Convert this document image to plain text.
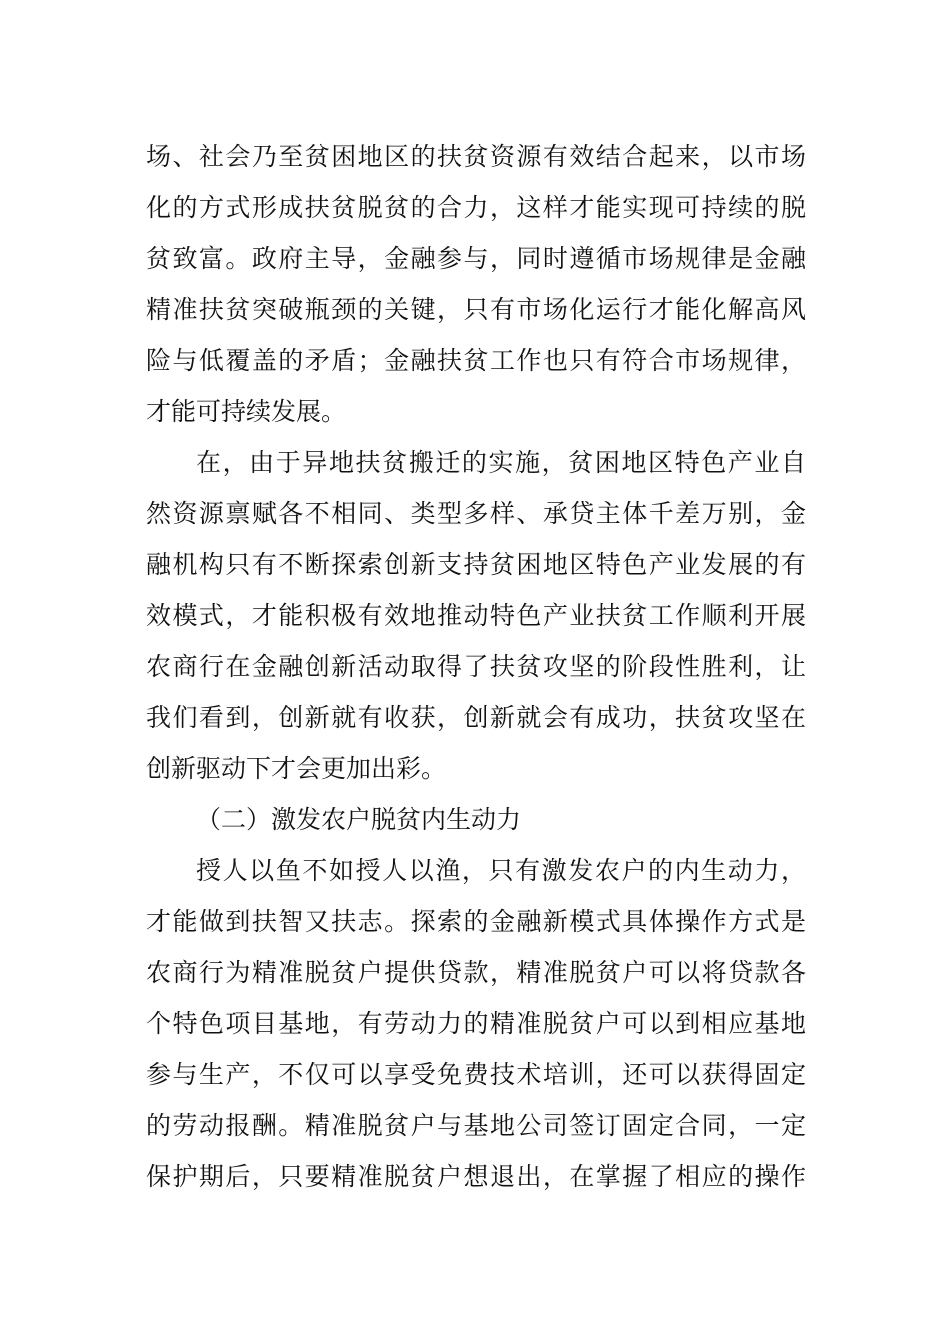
场、社会乃至贫困地区的扶贫资源有效结合起来，以市场
化的方式形成扶贫脱贫的合力，这样才能实现可持续的脱
贫致富。政府主导，金融参与，同时遵循市场规律是金融
精准扶贫突破瓶颈的关键，只有市场化运行才能化解高风
险与低覆盖的矛盾；金融扶贫工作也只有符合市场规律，
才能可持续发展。
在，由于异地扶贫搬迁的实施，贫困地区特色产业自
然资源禀赋各不相同、类型多样、承贷主体千差万别，金
融机构只有不断探索创新支持贫困地区特色产业发展的有
效模式，才能积极有效地推动特色产业扶贫工作顺利开展
农商行在金融创新活动取得了扶贫攻坚的阶段性胜利，让
我们看到，创新就有收获，创新就会有成功，扶贫攻坚在
创新驱动下才会更加出彩。
（二）激发农户脱贫内生动力
授人以鱼不如授人以渔，只有激发农户的内生动力，
才能做到扶智又扶志。探索的金融新模式具体操作方式是
农商行为精准脱贫户提供贷款，精准脱贫户可以将贷款各
个特色项目基地，有劳动力的精准脱贫户可以到相应基地
参与生产，不仅可以享受免费技术培训，还可以获得固定
的劳动报酬。精准脱贫户与基地公司签订固定合同，一定
保护期后，只要精准脱贫户想退出，在掌握了相应的操作
